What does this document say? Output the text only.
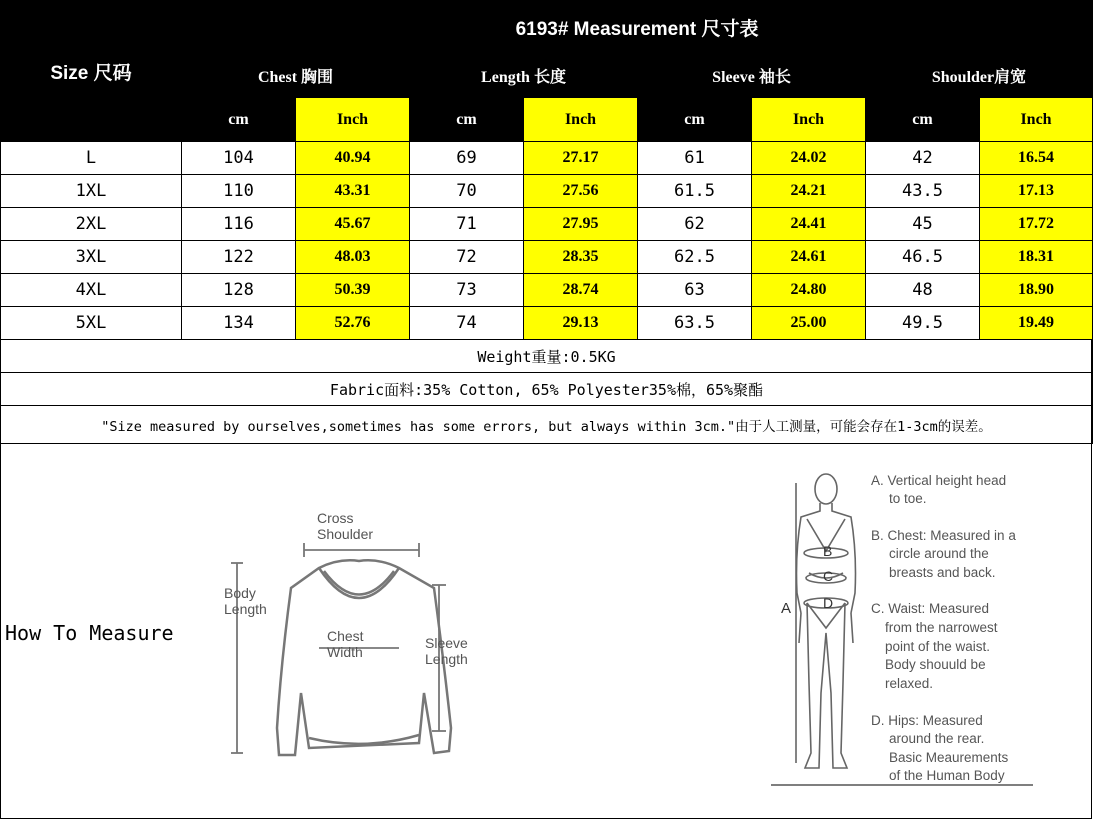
Size 尺码	6193# Measurement 尺寸表							
	Chest 胸围		Length 长度		Sleeve 袖长		Shoulder肩宽	
	cm	Inch	cm	Inch	cm	Inch	cm	Inch
L	104	40.94	69	27.17	61	24.02	42	16.54
1XL	110	43.31	70	27.56	61.5	24.21	43.5	17.13
2XL	116	45.67	71	27.95	62	24.41	45	17.72
3XL	122	48.03	72	28.35	62.5	24.61	46.5	18.31
4XL	128	50.39	73	28.74	63	24.80	48	18.90
5XL	134	52.76	74	29.13	63.5	25.00	49.5	19.49
Weight重量:0.5KG								
Fabric面料:35% Cotton, 65% Polyester35%棉，65%聚酯								
"Size measured by ourselves,sometimes has some errors, but always within 3cm."由于人工测量，可能会存在1-3cm的误差。								
How To Measure
Cross
Shoulder
Body
Length
Chest
Width
Sleeve
Length
A
B
C
D
A. Vertical height head
to toe.
B. Chest: Measured in a
circle around the
breasts and back.
C. Waist: Measured
from the narrowest
point of the waist.
Body shouuld be
relaxed.
D. Hips: Measured
around the rear.
Basic Meaurements
of the Human Body
